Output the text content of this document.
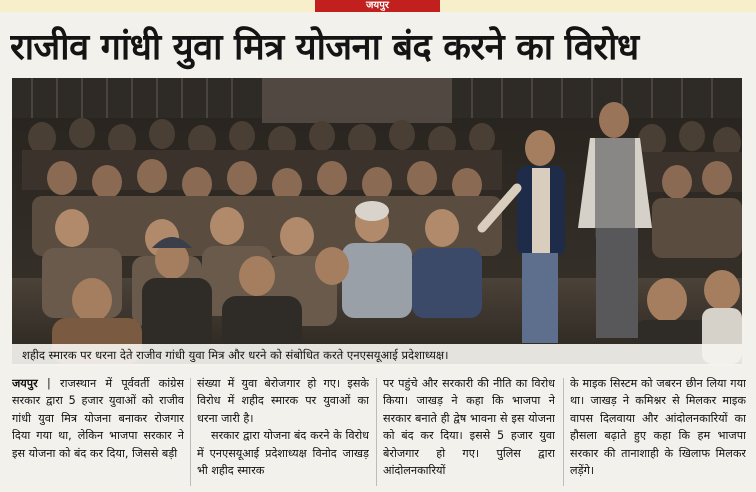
जयपुर
राजीव गांधी युवा मित्र योजना बंद करने का विरोध
शहीद स्मारक पर धरना देते राजीव गांधी युवा मित्र और धरने को संबोधित करते एनएसयूआई प्रदेशाध्यक्ष।

जयपुर | राजस्थान में पूर्ववर्ती कांग्रेस सरकार द्वारा 5 हजार युवाओं को राजीव गांधी युवा मित्र योजना बनाकर रोजगार दिया गया था, लेकिन भाजपा सरकार ने इस योजना को बंद कर दिया, जिससे बड़ी

संख्या में युवा बेरोजगार हो गए। इसके विरोध में शहीद स्मारक पर युवाओं का धरना जारी है।

सरकार द्वारा योजना बंद करने के विरोध में एनएसयूआई प्रदेशाध्यक्ष विनोद जाखड़ भी शहीद स्मारक

पर पहुंचे और सरकारी की नीति का विरोध किया। जाखड़ ने कहा कि भाजपा ने सरकार बनाते ही द्वेष भावना से इस योजना को बंद कर दिया। इससे 5 हजार युवा बेरोजगार हो गए। पुलिस द्वारा आंदोलनकारियों

के माइक सिस्टम को जबरन छीन लिया गया था। जाखड़ ने कमिश्नर से मिलकर माइक वापस दिलवाया और आंदोलनकारियों का हौसला बढ़ाते हुए कहा कि हम भाजपा सरकार की तानाशाही के खिलाफ मिलकर लड़ेंगे।
